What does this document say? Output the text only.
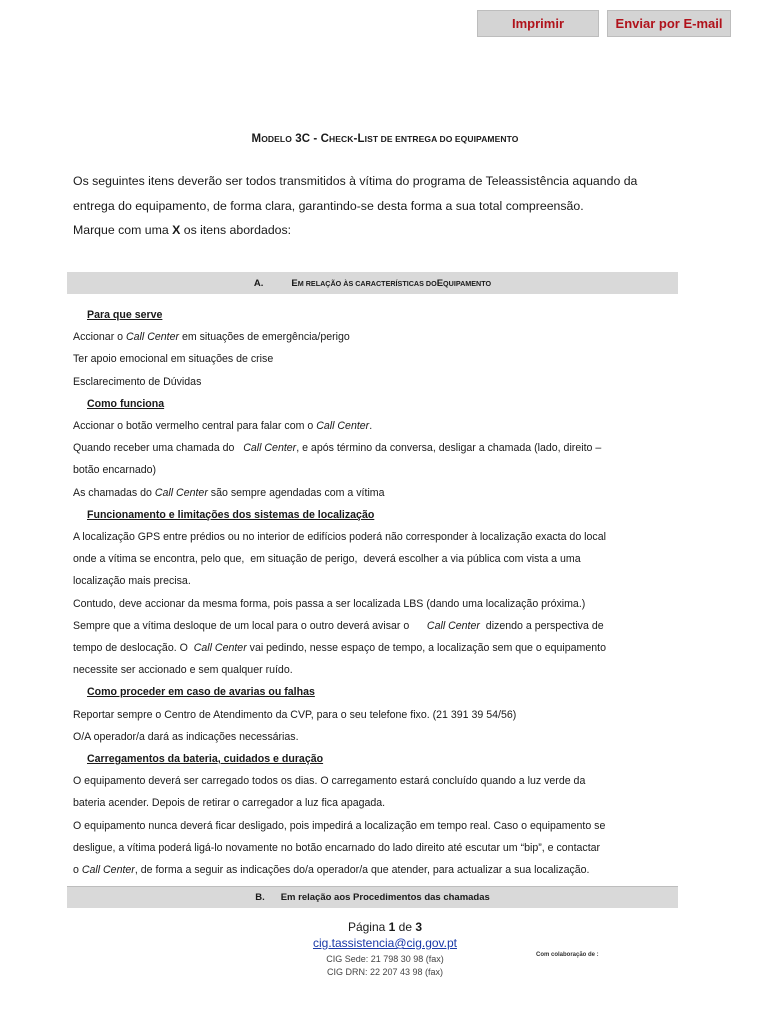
Imprimir	Enviar por E-mail
MODELO 3C - CHECK-LIST DE ENTREGA DO EQUIPAMENTO

Os seguintes itens deverão ser todos transmitidos à vítima do programa de Teleassistência aquando da

entrega do equipamento, de forma clara, garantindo-se desta forma a sua total compreensão.

Marque com uma X os itens abordados:

A.	E M RELAÇÃO ÀS CARACTERÍSTICAS DO E QUIPAMENTO
Para que serve
Accionar o Call Center em situações de emergência/perigo
Ter apoio emocional em situações de crise
Esclarecimento de Dúvidas
Como funciona
Accionar o botão vermelho central para falar com o Call Center.
Quando receber uma chamada do   Call Center, e após término da conversa, desligar a chamada (lado, direito –
botão encarnado)
As chamadas do Call Center são sempre agendadas com a vítima
Funcionamento e limitações dos sistemas de localização
A localização GPS entre prédios ou no interior de edifícios poderá não corresponder à localização exacta do local
onde a vítima se encontra, pelo que,  em situação de perigo,  deverá escolher a via pública com vista a uma
localização mais precisa.
Contudo, deve accionar da mesma forma, pois passa a ser localizada LBS (dando uma localização próxima.)
Sempre que a vítima desloque de um local para o outro deverá avisar o      Call Center  dizendo a perspectiva de
tempo de deslocação. O  Call Center vai pedindo, nesse espaço de tempo, a localização sem que o equipamento
necessite ser accionado e sem qualquer ruído.
Como proceder em caso de avarias ou falhas
Reportar sempre o Centro de Atendimento da CVP, para o seu telefone fixo. (21 391 39 54/56)
O/A operador/a dará as indicações necessárias.
Carregamentos da bateria, cuidados e duração
O equipamento deverá ser carregado todos os dias. O carregamento estará concluído quando a luz verde da
bateria acender. Depois de retirar o carregador a luz fica apagada.
O equipamento nunca deverá ficar desligado, pois impedirá a localização em tempo real. Caso o equipamento se
desligue, a vítima poderá ligá-lo novamente no botão encarnado do lado direito até escutar um “bip”, e contactar
o Call Center, de forma a seguir as indicações do/a operador/a que atender, para actualizar a sua localização.
B. Em relação aos Procedimentos das chamadas
Página 1 de 3
cig.tassistencia@cig.gov.pt
CIG Sede: 21 798 30 98 (fax)
CIG DRN: 22 207 43 98 (fax)
Com colaboração de :
